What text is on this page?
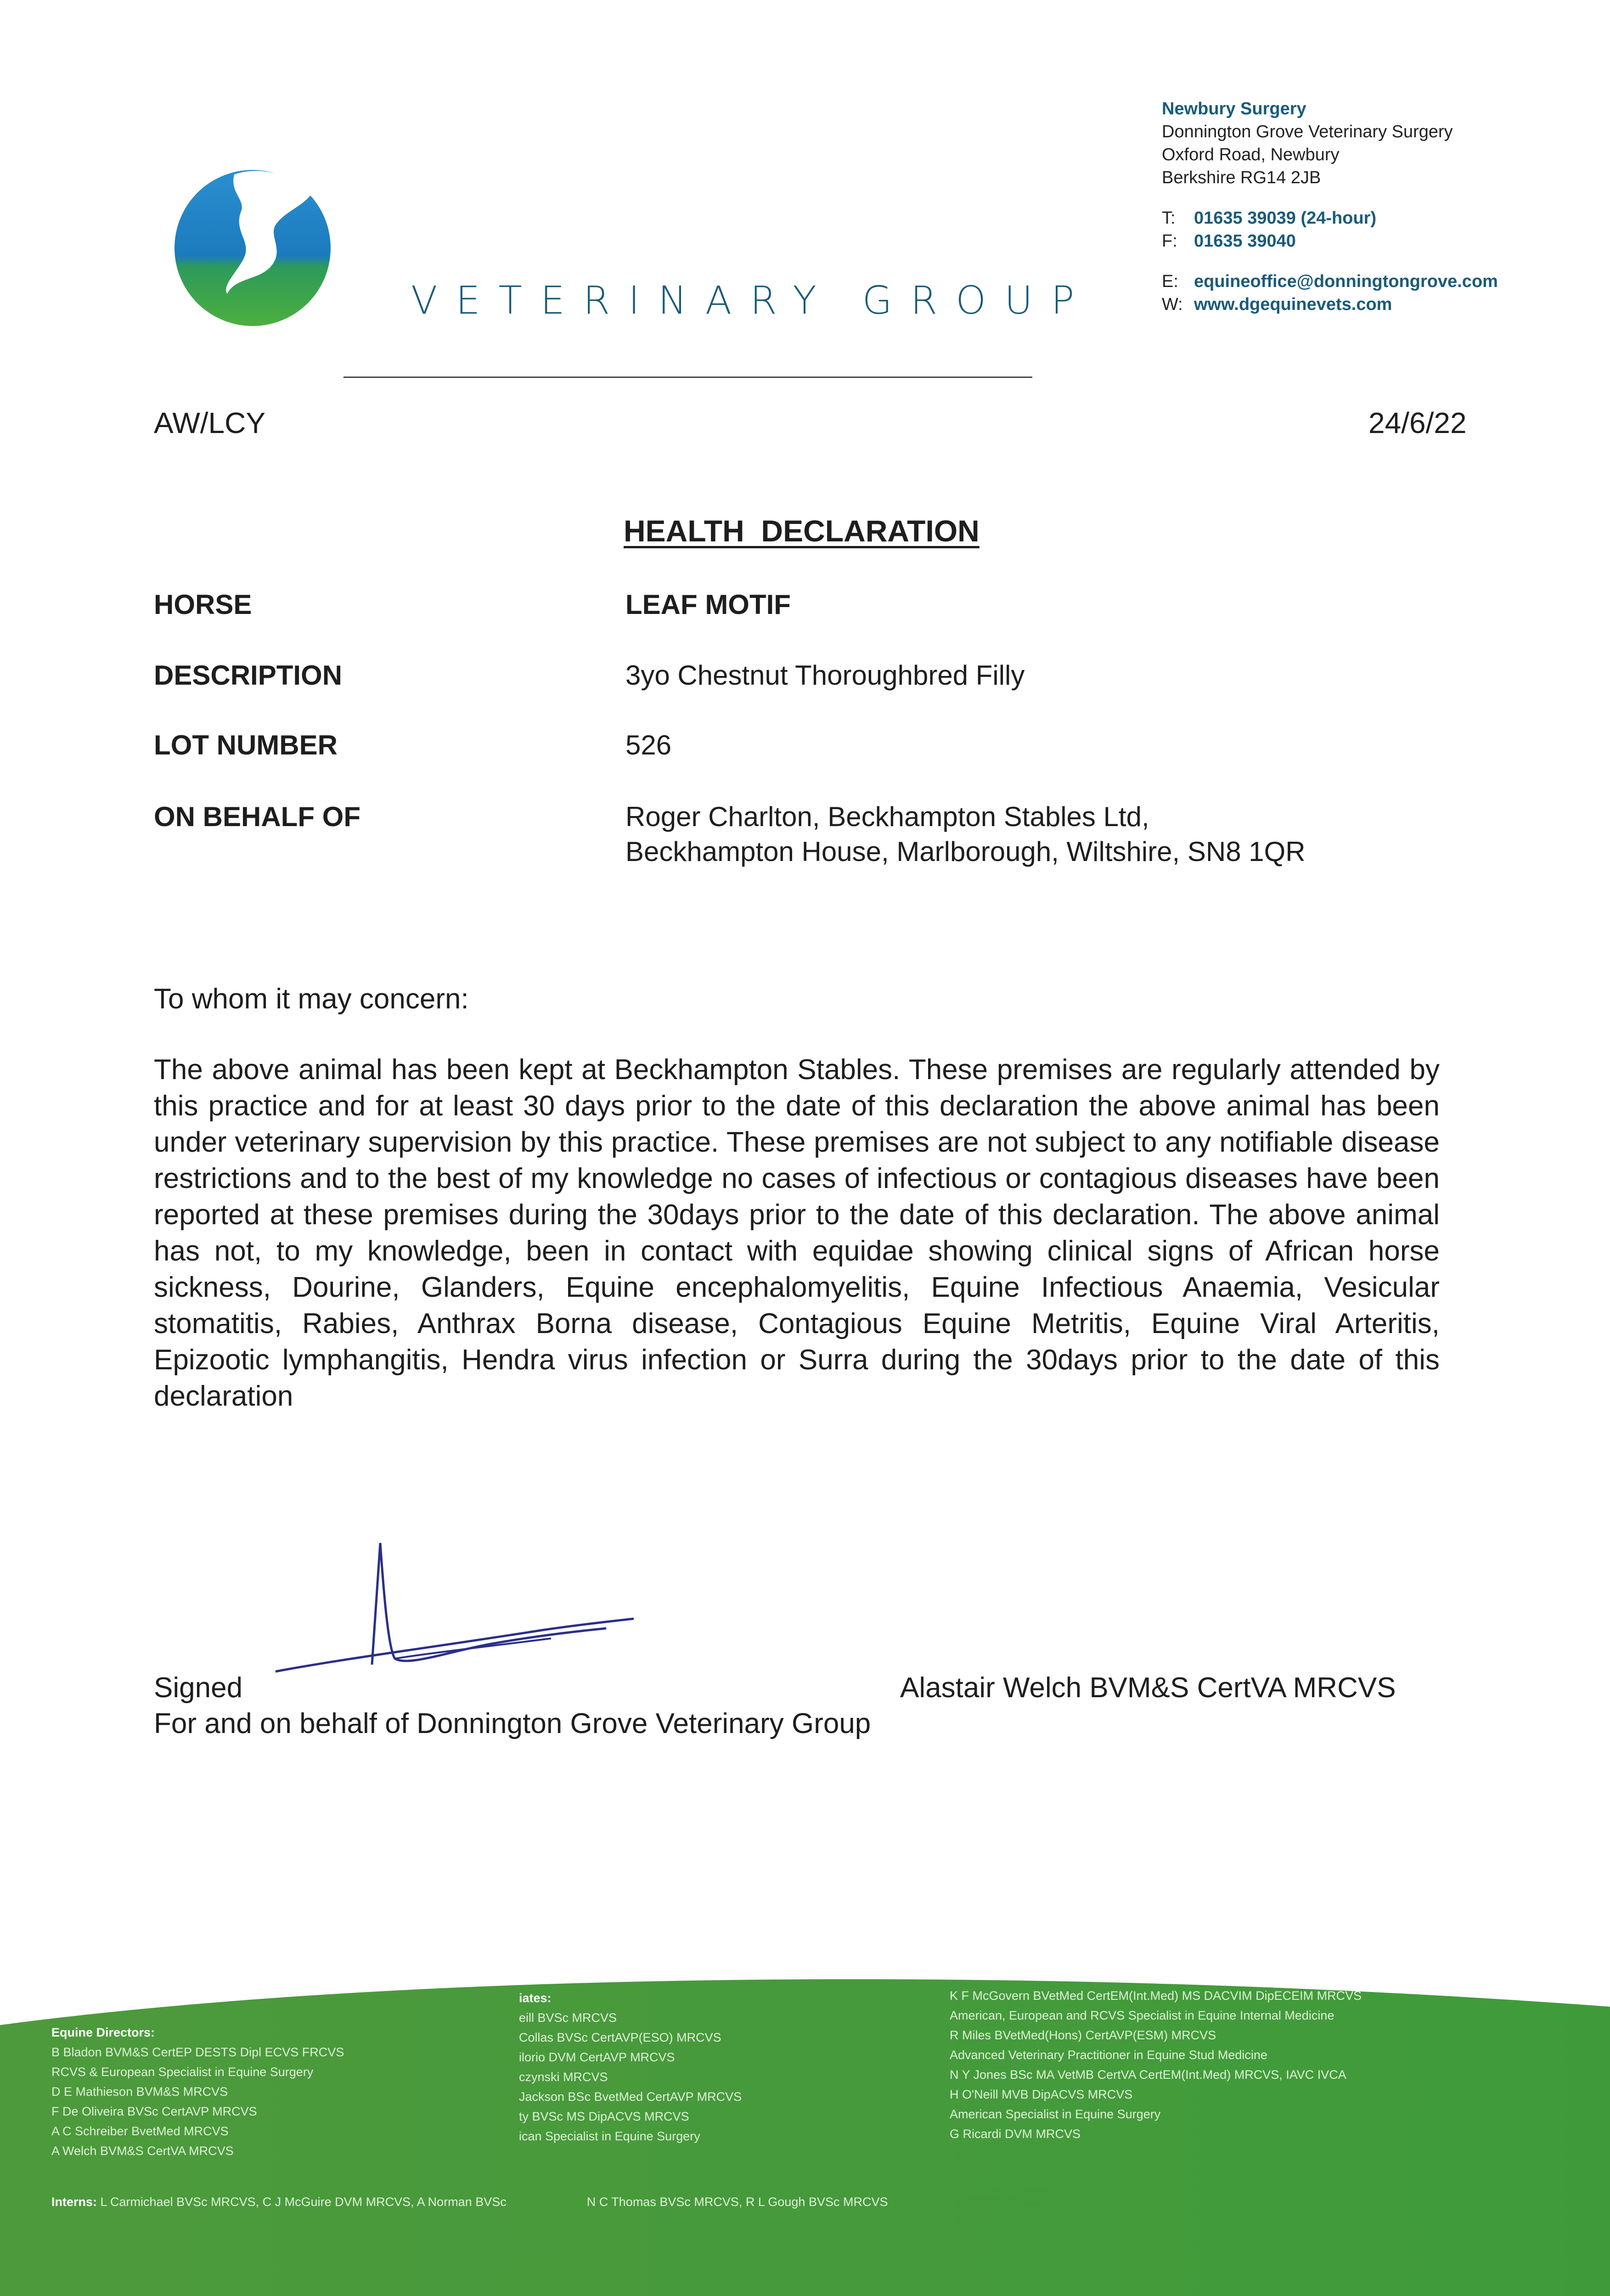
VETERINARY GROUP
Newbury Surgery
Donnington Grove Veterinary Surgery
Oxford Road, Newbury
Berkshire RG14 2JB
T: 01635 39039 (24-hour)
F: 01635 39040
E: equineoffice@donningtongrove.com
W: www.dgequinevets.com
AW/LCY	24/6/22
HEALTH  DECLARATION
HORSE	LEAF MOTIF
DESCRIPTION	3yo Chestnut Thoroughbred Filly
LOT NUMBER	526
ON BEHALF OF	Roger Charlton, Beckhampton Stables Ltd,
Beckhampton House, Marlborough, Wiltshire, SN8 1QR
To whom it may concern:
The above animal has been kept at Beckhampton Stables. These premises are regularly attended by this practice and for at least 30 days prior to the date of this declaration the above animal has been under veterinary supervision by this practice. These premises are not subject to any notifiable disease restrictions and to the best of my knowledge no cases of infectious or contagious diseases have been reported at these premises during the 30days prior to the date of this declaration. The above animal has not, to my knowledge, been in contact with equidae showing clinical signs of African horse sickness, Dourine, Glanders, Equine encephalomyelitis, Equine Infectious Anaemia, Vesicular stomatitis, Rabies, Anthrax Borna disease, Contagious Equine Metritis, Equine Viral Arteritis, Epizootic lymphangitis, Hendra virus infection or Surra during the 30days prior to the date of this declaration
Signed	Alastair Welch BVM&S CertVA MRCVS
For and on behalf of Donnington Grove Veterinary Group
Equine Directors:
B Bladon BVM&S CertEP DESTS Dipl ECVS FRCVS
RCVS & European Specialist in Equine Surgery
D E Mathieson BVM&S MRCVS
F De Oliveira BVSc CertAVP MRCVS
A C Schreiber BvetMed MRCVS
A Welch BVM&S CertVA MRCVS
iates:
eill BVSc MRCVS
Collas BVSc CertAVP(ESO) MRCVS
ilorio DVM CertAVP MRCVS
czynski MRCVS
Jackson BSc BvetMed CertAVP MRCVS
ty BVSc MS DipACVS MRCVS
ican Specialist in Equine Surgery
K F McGovern BVetMed CertEM(Int.Med) MS DACVIM DipECEIM MRCVS
American, European and RCVS Specialist in Equine Internal Medicine
R Miles BVetMed(Hons) CertAVP(ESM) MRCVS
Advanced Veterinary Practitioner in Equine Stud Medicine
N Y Jones BSc MA VetMB CertVA CertEM(Int.Med) MRCVS, IAVC IVCA
H O'Neill MVB DipACVS MRCVS
American Specialist in Equine Surgery
G Ricardi DVM MRCVS
Interns: L Carmichael BVSc MRCVS, C J McGuire DVM MRCVS, A Norman BVSc	N C Thomas BVSc MRCVS, R L Gough BVSc MRCVS
